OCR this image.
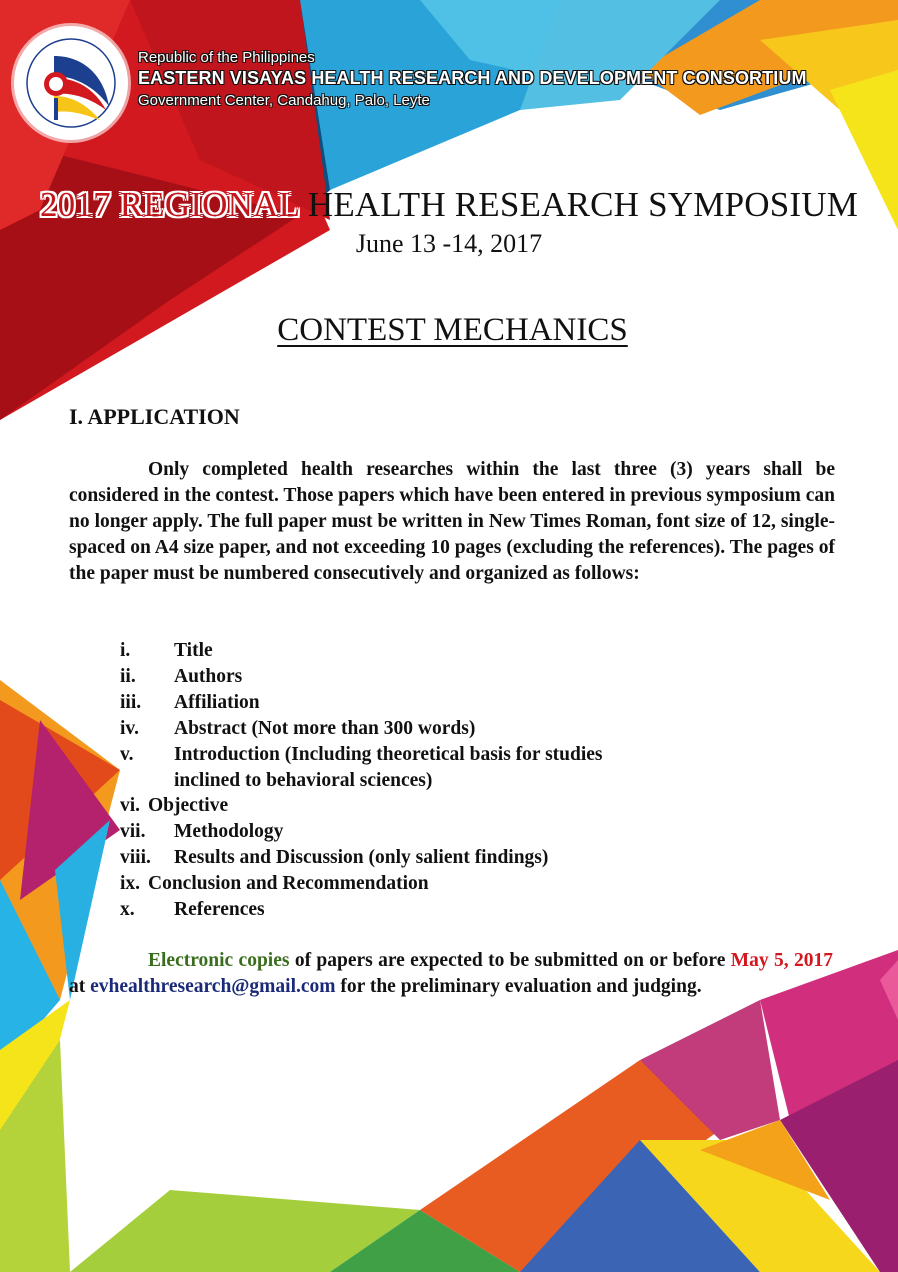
Republic of the Philippines
EASTERN VISAYAS HEALTH RESEARCH AND DEVELOPMENT CONSORTIUM
Government Center, Candahug, Palo, Leyte
2017 REGIONAL HEALTH RESEARCH SYMPOSIUM
June 13 -14, 2017
CONTEST MECHANICS
I. APPLICATION
Only completed health researches within the last three (3) years shall be considered in the contest. Those papers which have been entered in previous symposium can no longer apply. The full paper must be written in New Times Roman, font size of 12, single-spaced on A4 size paper, and not exceeding 10 pages (excluding the references). The pages of the paper must be numbered consecutively and organized as follows:
i. Title
ii. Authors
iii. Affiliation
iv. Abstract (Not more than 300 words)
v. Introduction (Including theoretical basis for studies
inclined to behavioral sciences)
vi. Objective
vii. Methodology
viii. Results and Discussion (only salient findings)
ix. Conclusion and Recommendation
x. References
Electronic copies of papers are expected to be submitted on or before May 5, 2017 at evhealthresearch@gmail.com for the preliminary evaluation and judging.
